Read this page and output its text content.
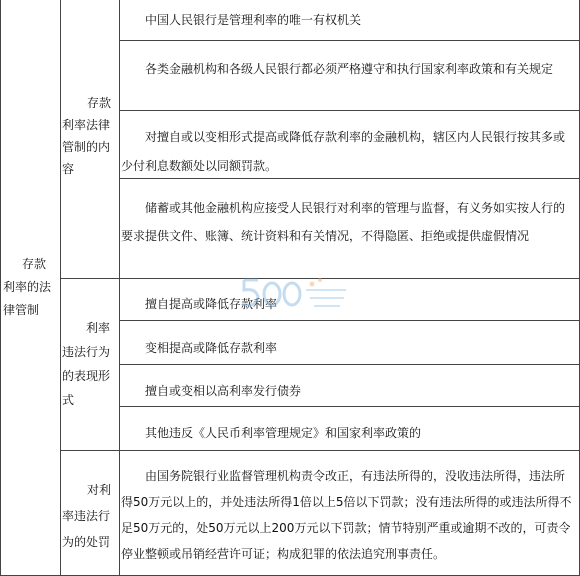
存款
利率的法
律管制
存款
利率法律
管制的内
容
中国人民银行是管理利率的唯一有权机关
各类金融机构和各级人民银行都必须严格遵守和执行国家利率政策和有关规定
对擅自或以变相形式提高或降低存款利率的金融机构，辖区内人民银行按其多或少付利息数额处以同额罚款。
储蓄或其他金融机构应接受人民银行对利率的管理与监督，有义务如实按人行的要求提供文件、账簿、统计资料和有关情况，不得隐匿、拒绝或提供虚假情况
利率
违法行为
的表现形
式
擅自提高或降低存款利率
变相提高或降低存款利率
擅自或变相以高利率发行债券
其他违反《人民币利率管理规定》和国家利率政策的
对利
率违法行
为的处罚
由国务院银行业监督管理机构责令改正，有违法所得的，没收违法所得，违法所得50万元以上的，并处违法所得1倍以上5倍以下罚款；没有违法所得的或违法所得不足50万元的，处50万元以上200万元以下罚款；情节特别严重或逾期不改的，可责令停业整顿或吊销经营许可证；构成犯罪的依法追究刑事责任。
